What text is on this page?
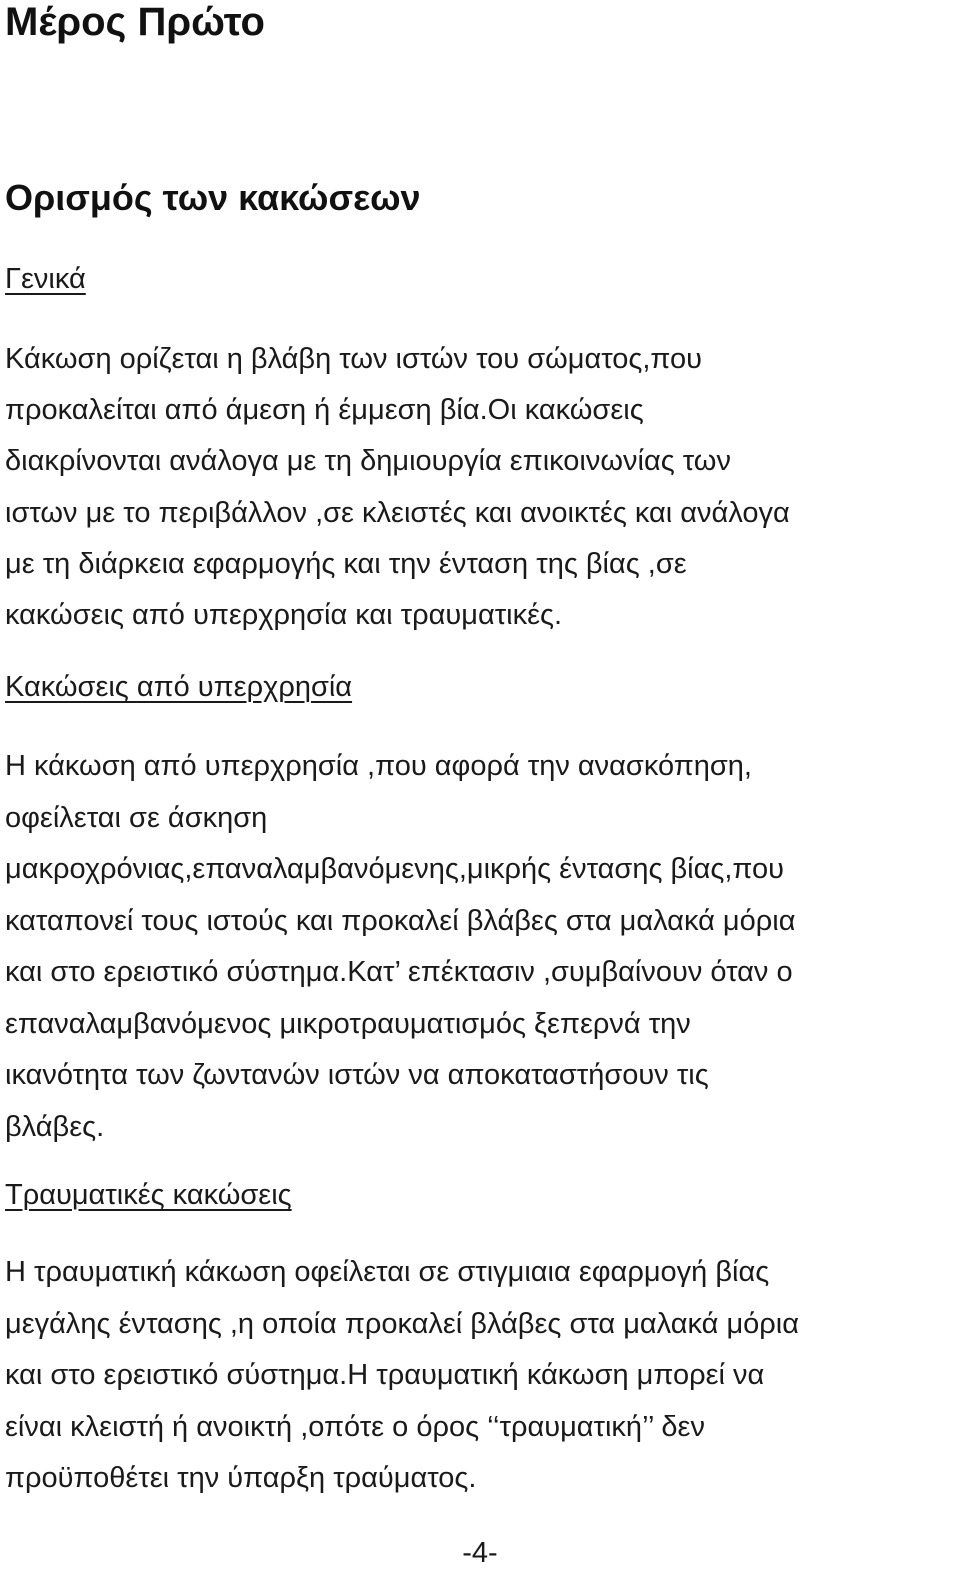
Μέρος Πρώτο
Ορισμός των κακώσεων
Γενικά
Κάκωση ορίζεται η βλάβη των ιστών του σώματος,που
προκαλείται από άμεση ή έμμεση βία.Οι κακώσεις
διακρίνονται ανάλογα με τη δημιουργία επικοινωνίας των
ιστων με το περιβάλλον ,σε κλειστές και ανοικτές και ανάλογα
με τη διάρκεια εφαρμογής και την ένταση της βίας ,σε
κακώσεις από υπερχρησία και τραυματικές.
Κακώσεις από υπερχρησία
Η κάκωση από υπερχρησία ,που αφορά την ανασκόπηση,
οφείλεται σε άσκηση
μακροχρόνιας,επαναλαμβανόμενης,μικρής έντασης βίας,που
καταπονεί τους ιστούς και προκαλεί βλάβες στα μαλακά μόρια
και στο ερειστικό σύστημα.Κατ’ επέκτασιν ,συμβαίνουν όταν ο
επαναλαμβανόμενος μικροτραυματισμός ξεπερνά την
ικανότητα των ζωντανών ιστών να αποκαταστήσουν τις
βλάβες.
Τραυματικές κακώσεις
Η τραυματική κάκωση οφείλεται σε στιγμιαια εφαρμογή βίας
μεγάλης έντασης ,η οποία προκαλεί βλάβες στα μαλακά μόρια
και στο ερειστικό σύστημα.Η τραυματική κάκωση μπορεί να
είναι κλειστή ή ανοικτή ,οπότε ο όρος ‘‘τραυματική’’ δεν
προϋποθέτει την ύπαρξη τραύματος.
-4-
